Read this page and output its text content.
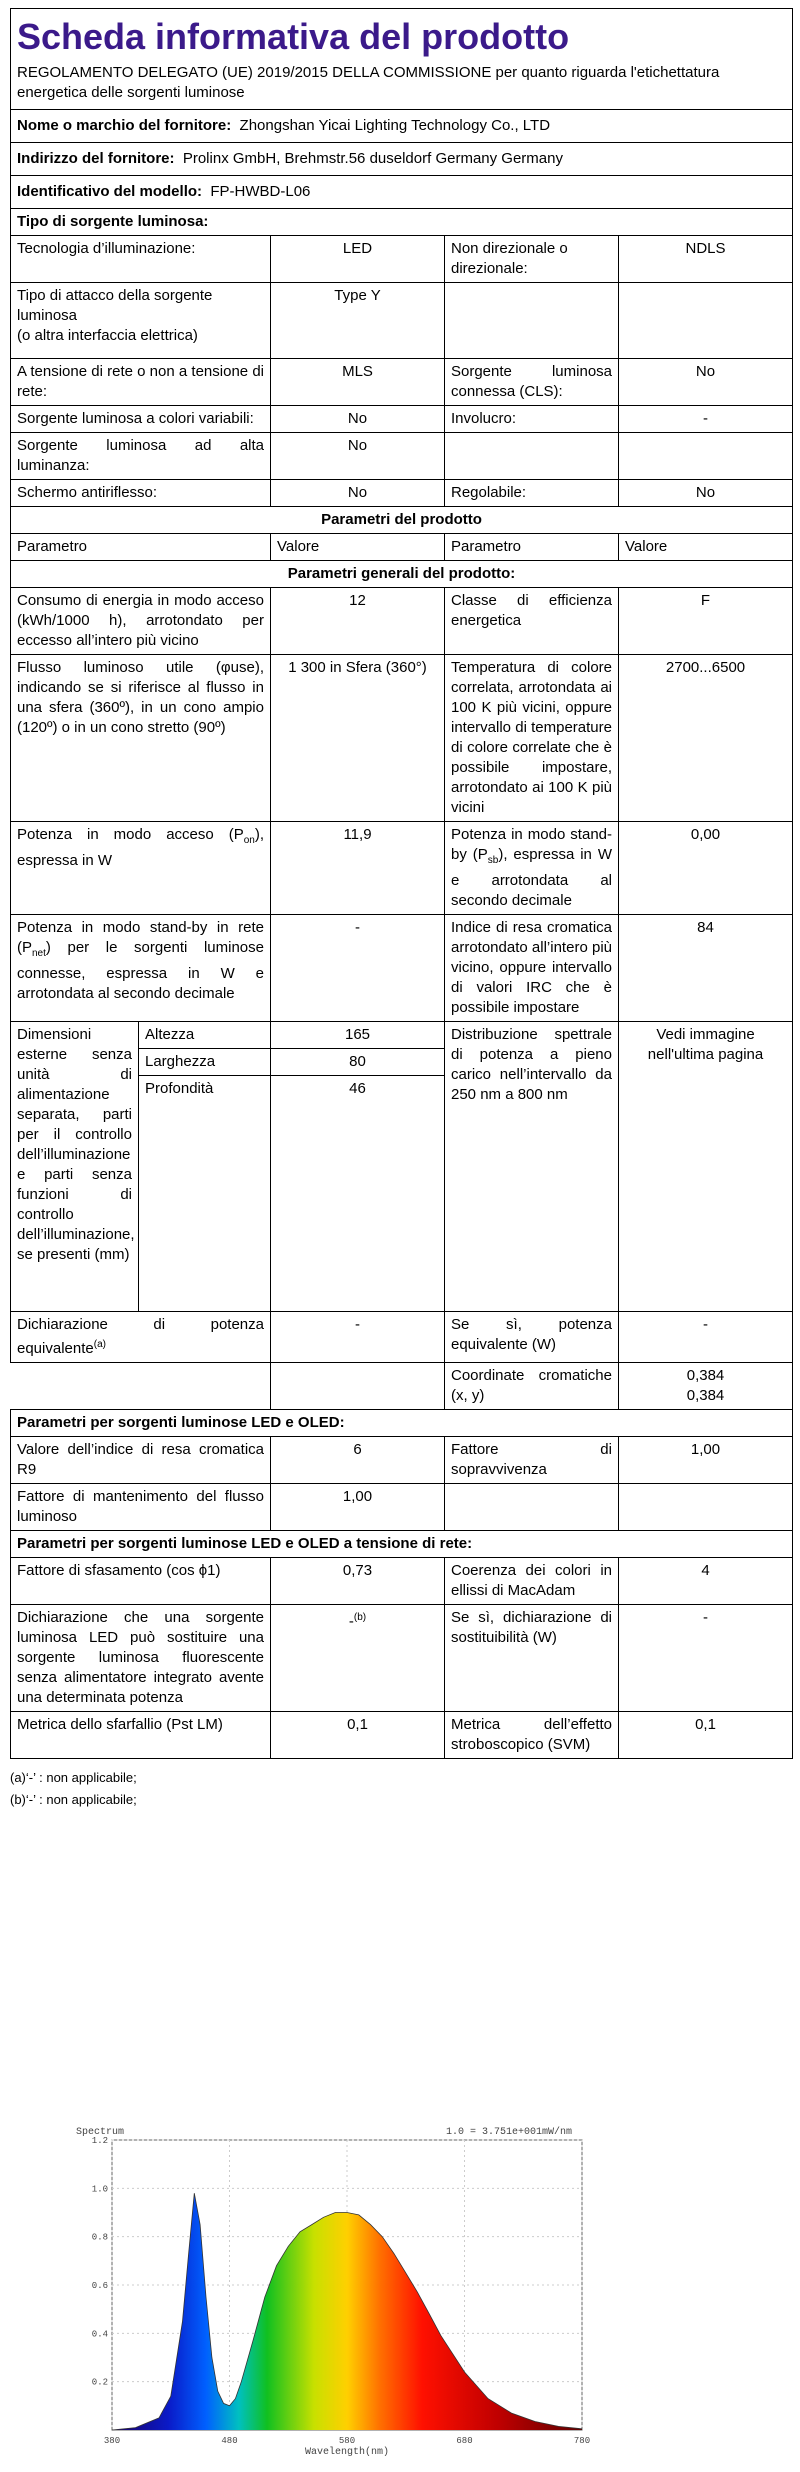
Scheda informativa del prodotto
REGOLAMENTO DELEGATO (UE) 2019/2015 DELLA COMMISSIONE per quanto riguarda l'etichettatura energetica delle sorgenti luminose				

Nome o marchio del fornitore: Zhongshan Yicai Lighting Technology Co., LTD				
Indirizzo del fornitore: Prolinx GmbH, Brehmstr.56 duseldorf Germany Germany				
Identificativo del modello: FP-HWBD-L06				
Tipo di sorgente luminosa:				
Tecnologia d’illuminazione:		LED	Non direzionale o direzionale:	NDLS
Tipo di attacco della sorgente luminosa
(o altra interfaccia elettrica)		Type Y		
A tensione di rete o non a tensione di rete:		MLS	Sorgente luminosa connessa (CLS):	No
Sorgente luminosa a colori variabili:		No	Involucro:	-
Sorgente luminosa ad alta luminanza:		No		
Schermo antiriflesso:		No	Regolabile:	No
Parametri del prodotto				
Parametro		Valore	Parametro	Valore
Parametri generali del prodotto:				
Consumo di energia in modo acceso (kWh/1000 h), arrotondato per eccesso all’intero più vicino		12	Classe di efficienza energetica	F
Flusso luminoso utile (φuse), indicando se si riferisce al flusso in una sfera (360º), in un cono ampio (120º) o in un cono stretto (90º)		1 300 in Sfera (360°)	Temperatura di colore correlata, arrotondata ai 100 K più vicini, oppure intervallo di temperature di colore correlate che è possibile impostare, arrotondato ai 100 K più vicini	2700...6500
Potenza in modo acceso $(P_{on})$, espressa in W		11,9	Potenza in modo stand-by $(P_{sb})$, espressa in W e arrotondata al secondo decimale	0,00
Potenza in modo stand-by in rete $(P_{net})$ per le sorgenti luminose connesse, espressa in W e arrotondata al secondo decimale		-	Indice di resa cromatica arrotondato all’intero più vicino, oppure intervallo di valori IRC che è possibile impostare	84
Dimensioni esterne senza unità di alimentazione separata, parti per il controllo dell’illuminazione e parti senza funzioni di controllo dell’illuminazione, se presenti (mm)	Altezza	165	Distribuzione spettrale di potenza a pieno carico nell’intervallo da 250 nm a 800 nm	Vedi immagine nell'ultima pagina
	Larghezza	80		
	Profondità	46		
Dichiarazione di potenza equivalente$^{(a)}$		-	Se sì, potenza equivalente (W)	-
			Coordinate cromatiche (x, y)	0,384
0,384
Parametri per sorgenti luminose LED e OLED:				
Valore dell’indice di resa cromatica R9		6	Fattore di sopravvivenza	1,00
Fattore di mantenimento del flusso luminoso		1,00		
Parametri per sorgenti luminose LED e OLED a tensione di rete:				
Fattore di sfasamento (cos ϕ1)		0,73	Coerenza dei colori in ellissi di MacAdam	4
Dichiarazione che una sorgente luminosa LED può sostituire una sorgente luminosa fluorescente senza alimentatore integrato avente una determinata potenza		-$^{(b)}$	Se sì, dichiarazione di sostituibilità (W)	-
Metrica dello sfarfallio (Pst LM)		0,1	Metrica dell’effetto stroboscopico (SVM)	0,1
(a)‘-’ : non applicabile;
(b)‘-’ : non applicabile;
0.2
0.4
0.6
0.8
1.0
1.2
380	480	580	680	780
Spectrum	1.0 = 3.751e+001mW/nm
Wavelength(nm)
